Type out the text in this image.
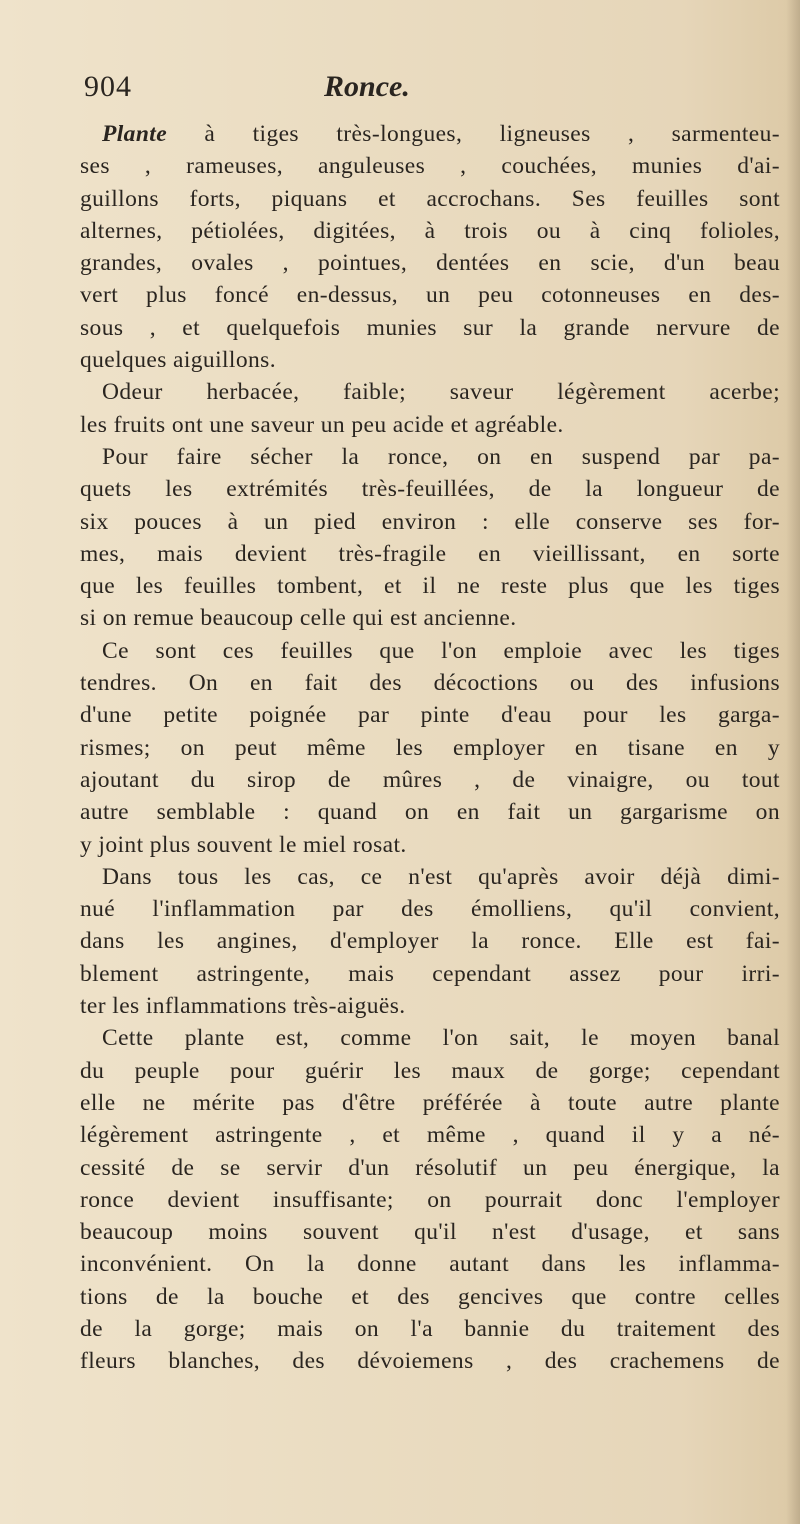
904	Ronce.
Plante à tiges très-longues, ligneuses , sarmenteu-
ses , rameuses, anguleuses , couchées, munies d'ai-
guillons forts, piquans et accrochans. Ses feuilles sont
alternes, pétiolées, digitées, à trois ou à cinq folioles,
grandes, ovales , pointues, dentées en scie, d'un beau
vert plus foncé en-dessus, un peu cotonneuses en des-
sous , et quelquefois munies sur la grande nervure de
quelques aiguillons.
Odeur herbacée, faible; saveur légèrement acerbe;
les fruits ont une saveur un peu acide et agréable.
Pour faire sécher la ronce, on en suspend par pa-
quets les extrémités très-feuillées, de la longueur de
six pouces à un pied environ : elle conserve ses for-
mes, mais devient très-fragile en vieillissant, en sorte
que les feuilles tombent, et il ne reste plus que les tiges
si on remue beaucoup celle qui est ancienne.
Ce sont ces feuilles que l'on emploie avec les tiges
tendres. On en fait des décoctions ou des infusions
d'une petite poignée par pinte d'eau pour les garga-
rismes; on peut même les employer en tisane en y
ajoutant du sirop de mûres , de vinaigre, ou tout
autre semblable : quand on en fait un gargarisme on
y joint plus souvent le miel rosat.
Dans tous les cas, ce n'est qu'après avoir déjà dimi-
nué l'inflammation par des émolliens, qu'il convient,
dans les angines, d'employer la ronce. Elle est fai-
blement astringente, mais cependant assez pour irri-
ter les inflammations très-aiguës.
Cette plante est, comme l'on sait, le moyen banal
du peuple pour guérir les maux de gorge; cependant
elle ne mérite pas d'être préférée à toute autre plante
légèrement astringente , et même , quand il y a né-
cessité de se servir d'un résolutif un peu énergique, la
ronce devient insuffisante; on pourrait donc l'employer
beaucoup moins souvent qu'il n'est d'usage, et sans
inconvénient. On la donne autant dans les inflamma-
tions de la bouche et des gencives que contre celles
de la gorge; mais on l'a bannie du traitement des
fleurs blanches, des dévoiemens , des crachemens de
